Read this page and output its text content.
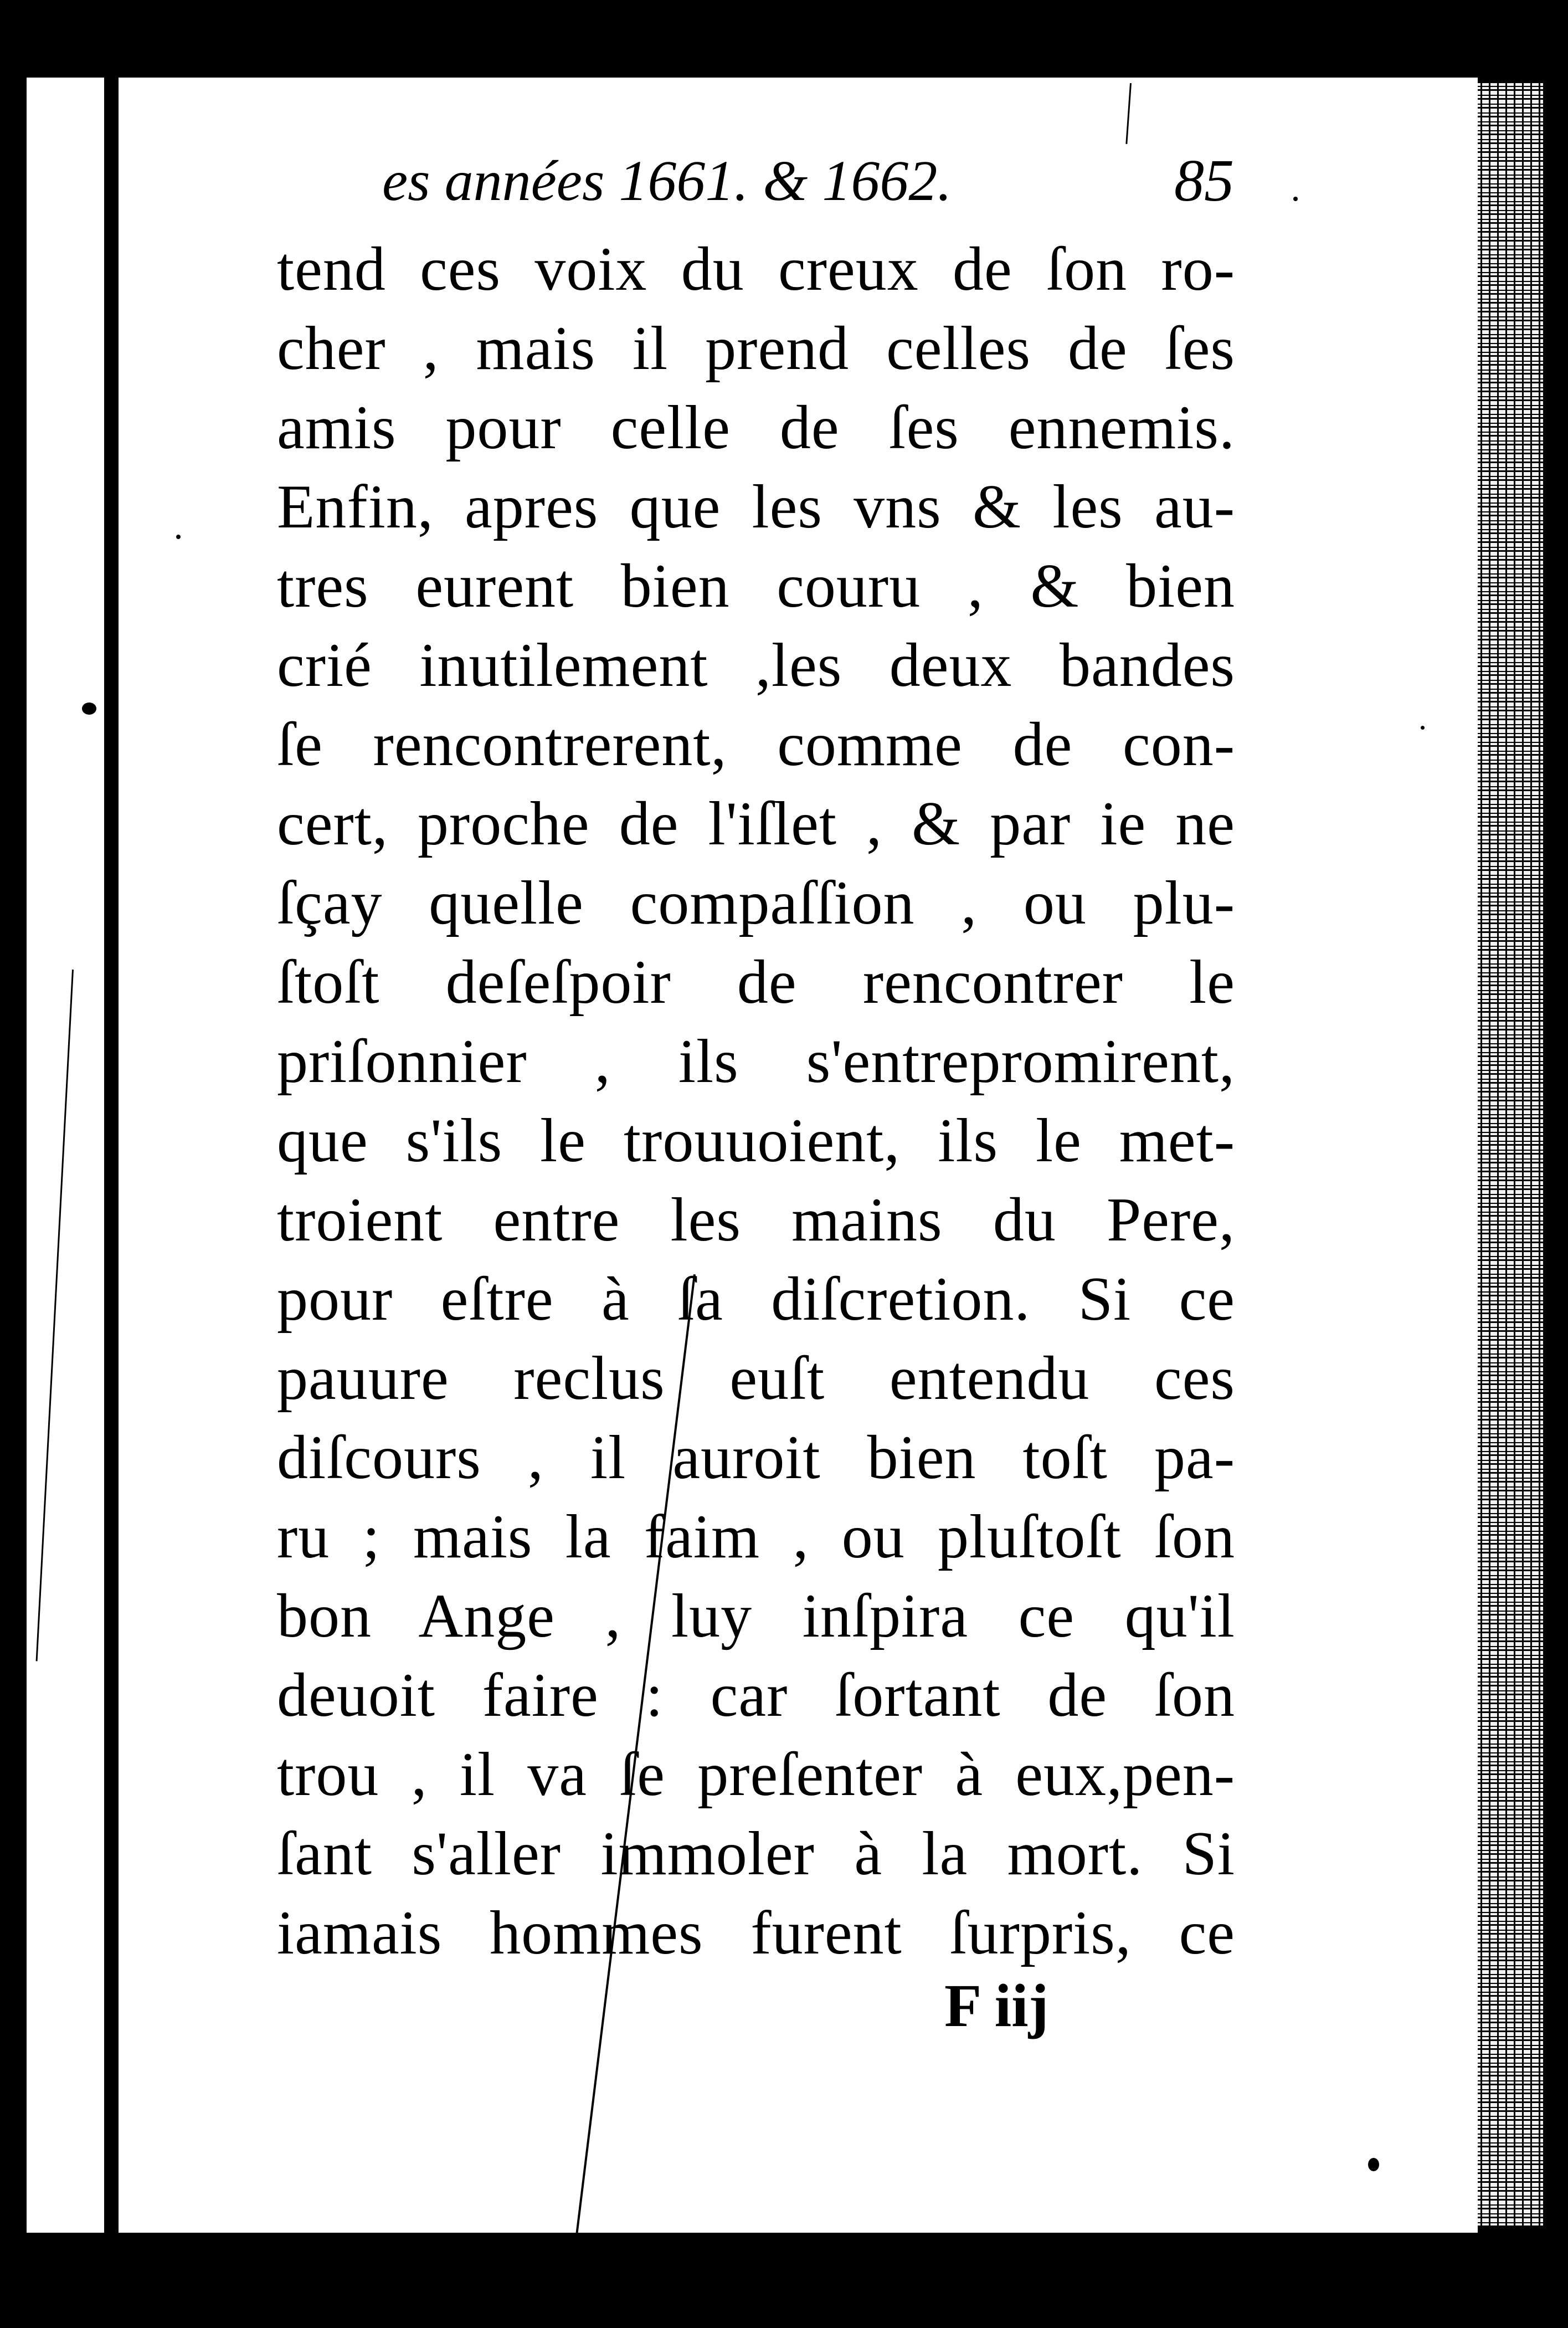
es années 1661. & 1662.	85
tend ces voix du creux de ſon ro-
cher , mais il prend celles de ſes
amis pour celle de ſes ennemis.
Enfin, apres que les vns & les au-
tres eurent bien couru , & bien
crié inutilement ,les deux bandes
ſe rencontrerent, comme de con-
cert, proche de l'iſlet , & par ie ne
ſçay quelle compaſſion , ou plu-
ſtoſt deſeſpoir de rencontrer le
priſonnier , ils s'entrepromirent,
que s'ils le trouuoient, ils le met-
troient entre les mains du Pere,
pour eſtre à ſa diſcretion. Si ce
pauure reclus euſt entendu ces
diſcours , il auroit bien toſt pa-
ru ; mais la faim , ou pluſtoſt ſon
bon Ange , luy inſpira ce qu'il
deuoit faire : car ſortant de ſon
trou , il va ſe preſenter à eux,pen-
ſant s'aller immoler à la mort. Si
iamais hommes furent ſurpris, ce
F iij
